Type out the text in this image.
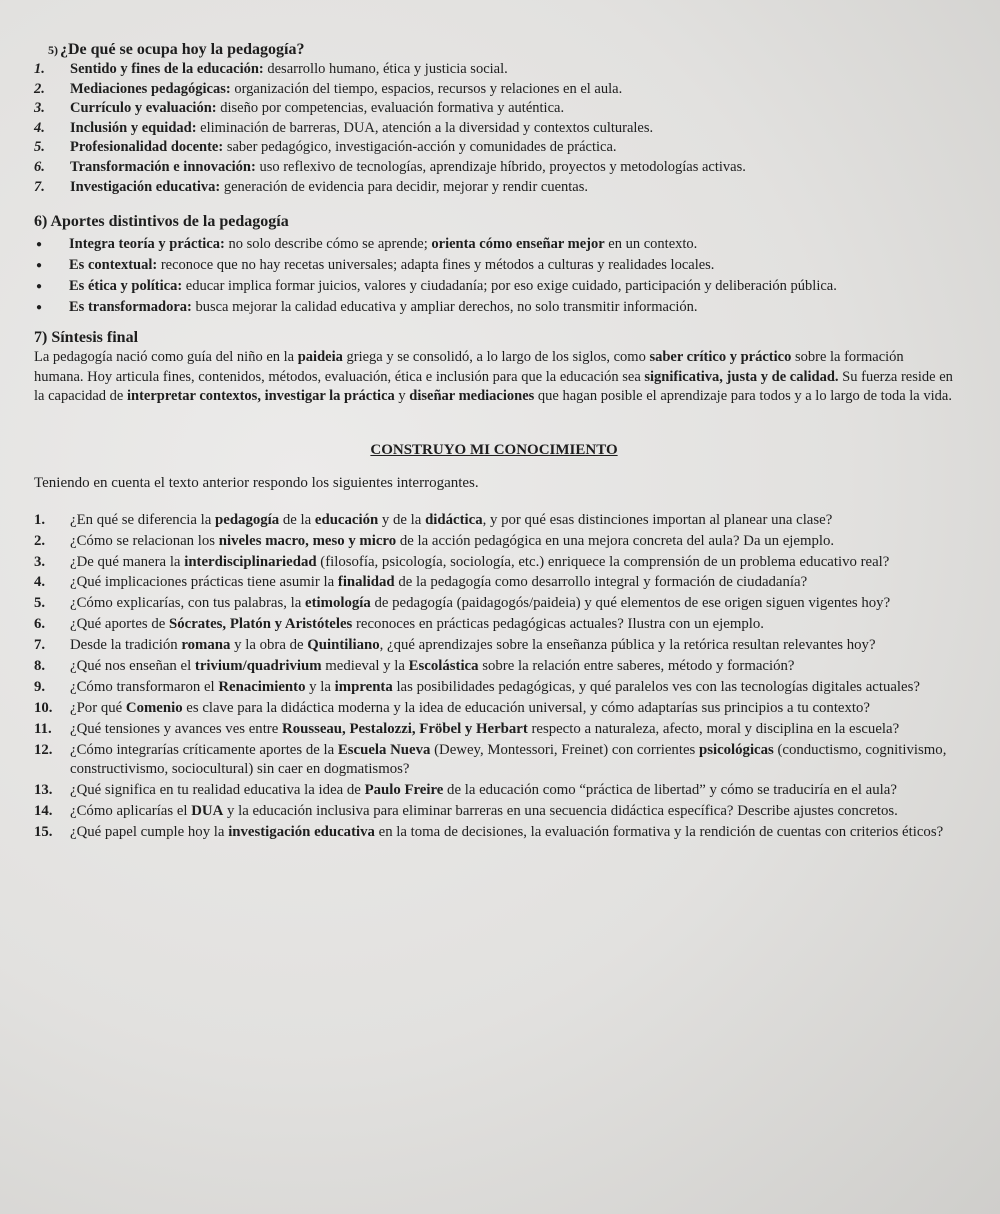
5) ¿De qué se ocupa hoy la pedagogía?

1. Sentido y fines de la educación: desarrollo humano, ética y justicia social.
2. Mediaciones pedagógicas: organización del tiempo, espacios, recursos y relaciones en el aula.
3. Currículo y evaluación: diseño por competencias, evaluación formativa y auténtica.
4. Inclusión y equidad: eliminación de barreras, DUA, atención a la diversidad y contextos culturales.
5. Profesionalidad docente: saber pedagógico, investigación-acción y comunidades de práctica.
6. Transformación e innovación: uso reflexivo de tecnologías, aprendizaje híbrido, proyectos y metodologías activas.
7. Investigación educativa: generación de evidencia para decidir, mejorar y rendir cuentas.

6) Aportes distintivos de la pedagogía

● Integra teoría y práctica: no solo describe cómo se aprende; orienta cómo enseñar mejor en un contexto.
● Es contextual: reconoce que no hay recetas universales; adapta fines y métodos a culturas y realidades locales.
● Es ética y política: educar implica formar juicios, valores y ciudadanía; por eso exige cuidado, participación y deliberación pública.
● Es transformadora: busca mejorar la calidad educativa y ampliar derechos, no solo transmitir información.

7) Síntesis final

La pedagogía nació como guía del niño en la paideia griega y se consolidó, a lo largo de los siglos, como saber crítico y práctico sobre la formación humana. Hoy articula fines, contenidos, métodos, evaluación, ética e inclusión para que la educación sea significativa, justa y de calidad. Su fuerza reside en la capacidad de interpretar contextos, investigar la práctica y diseñar mediaciones que hagan posible el aprendizaje para todos y a lo largo de toda la vida.

CONSTRUYO MI CONOCIMIENTO

Teniendo en cuenta el texto anterior respondo los siguientes interrogantes.

1. ¿En qué se diferencia la pedagogía de la educación y de la didáctica, y por qué esas distinciones importan al planear una clase?
2. ¿Cómo se relacionan los niveles macro, meso y micro de la acción pedagógica en una mejora concreta del aula? Da un ejemplo.
3. ¿De qué manera la interdisciplinariedad (filosofía, psicología, sociología, etc.) enriquece la comprensión de un problema educativo real?
4. ¿Qué implicaciones prácticas tiene asumir la finalidad de la pedagogía como desarrollo integral y formación de ciudadanía?
5. ¿Cómo explicarías, con tus palabras, la etimología de pedagogía (paidagogós/paideia) y qué elementos de ese origen siguen vigentes hoy?
6. ¿Qué aportes de Sócrates, Platón y Aristóteles reconoces en prácticas pedagógicas actuales? Ilustra con un ejemplo.
7. Desde la tradición romana y la obra de Quintiliano, ¿qué aprendizajes sobre la enseñanza pública y la retórica resultan relevantes hoy?
8. ¿Qué nos enseñan el trivium/quadrivium medieval y la Escolástica sobre la relación entre saberes, método y formación?
9. ¿Cómo transformaron el Renacimiento y la imprenta las posibilidades pedagógicas, y qué paralelos ves con las tecnologías digitales actuales?
10. ¿Por qué Comenio es clave para la didáctica moderna y la idea de educación universal, y cómo adaptarías sus principios a tu contexto?
11. ¿Qué tensiones y avances ves entre Rousseau, Pestalozzi, Fröbel y Herbart respecto a naturaleza, afecto, moral y disciplina en la escuela?
12. ¿Cómo integrarías críticamente aportes de la Escuela Nueva (Dewey, Montessori, Freinet) con corrientes psicológicas (conductismo, cognitivismo, constructivismo, sociocultural) sin caer en dogmatismos?
13. ¿Qué significa en tu realidad educativa la idea de Paulo Freire de la educación como “práctica de libertad” y cómo se traduciría en el aula?
14. ¿Cómo aplicarías el DUA y la educación inclusiva para eliminar barreras en una secuencia didáctica específica? Describe ajustes concretos.
15. ¿Qué papel cumple hoy la investigación educativa en la toma de decisiones, la evaluación formativa y la rendición de cuentas con criterios éticos?
